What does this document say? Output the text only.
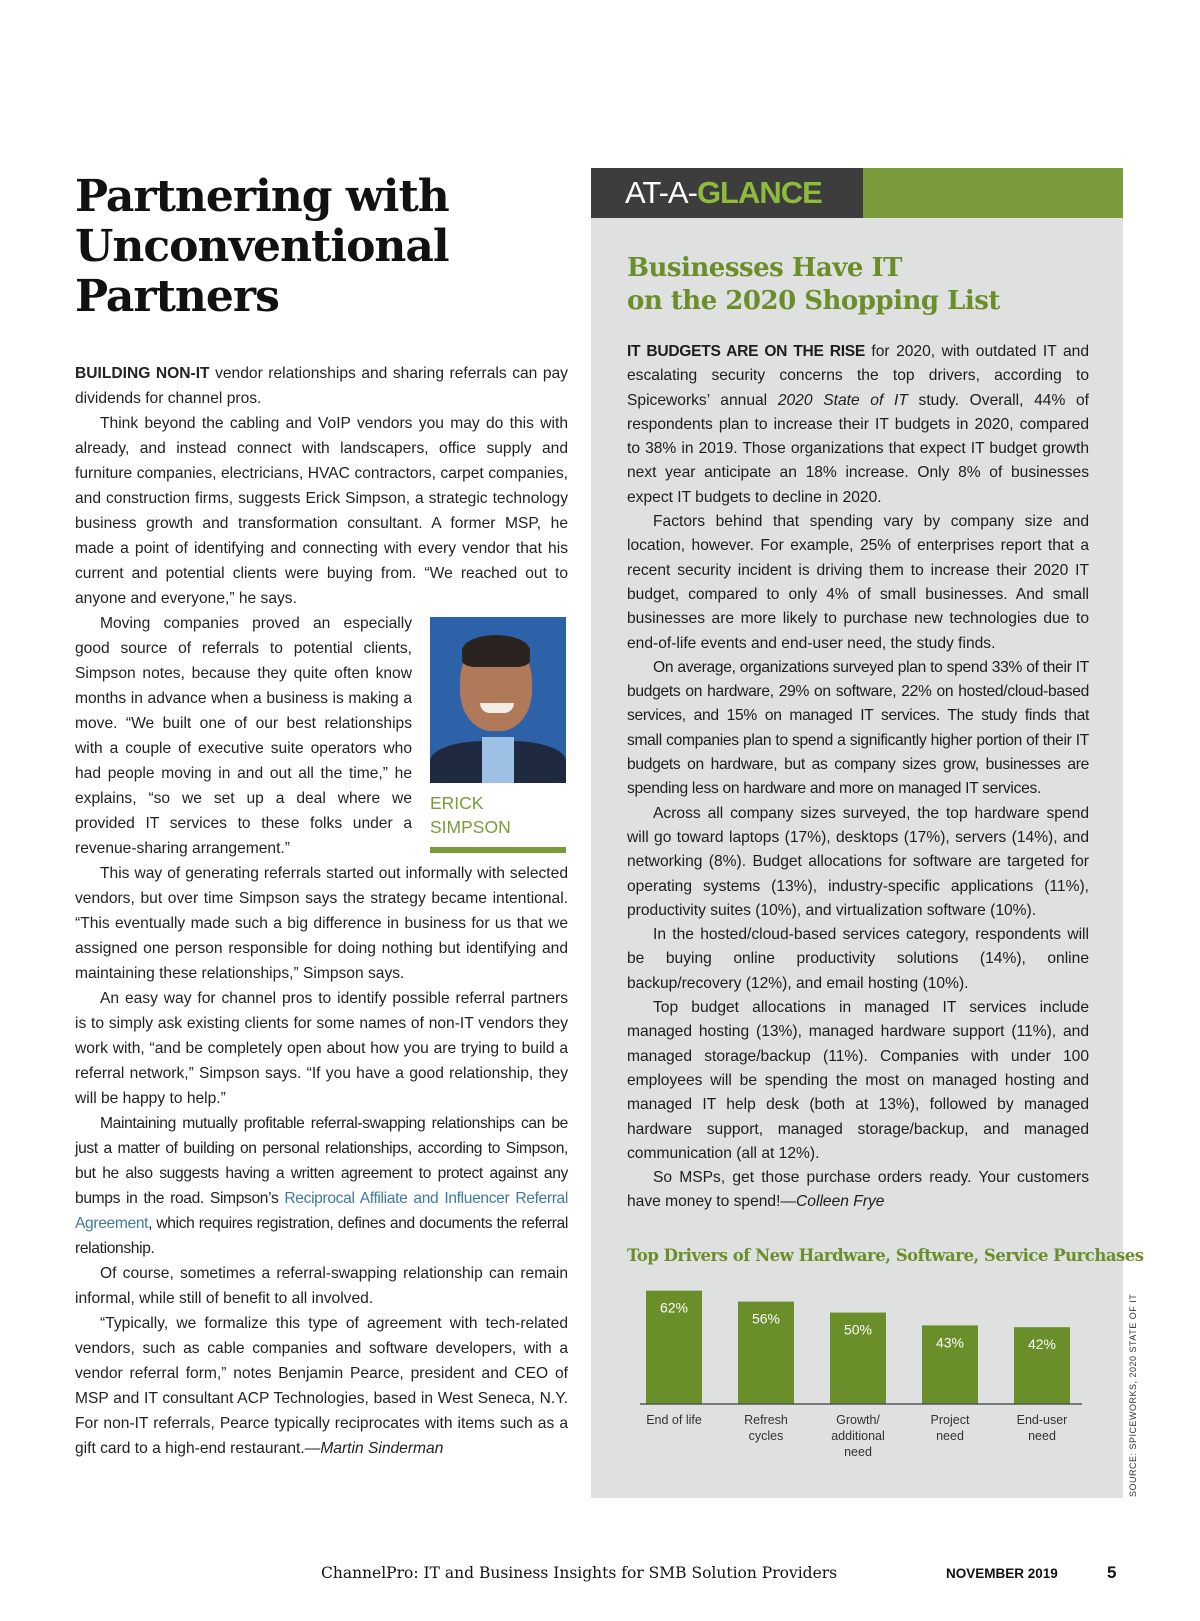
Partnering with
Unconventional
Partners

BUILDING NON-IT vendor relationships and sharing referrals can pay dividends for channel pros.

Think beyond the cabling and VoIP vendors you may do this with already, and instead connect with landscapers, office supply and furniture companies, electricians, HVAC contractors, carpet companies, and construction firms, suggests Erick Simpson, a strategic technology business growth and transformation consultant. A former MSP, he made a point of identifying and connecting with every vendor that his current and potential clients were buying from. “We reached out to anyone and everyone,” he says.

ERICK
SIMPSON

Moving companies proved an especially good source of referrals to potential clients, Simpson notes, because they quite often know months in advance when a business is making a move. “We built one of our best relationships with a couple of executive suite operators who had people moving in and out all the time,” he explains, “so we set up a deal where we provided IT services to these folks under a revenue-sharing arrangement.”

This way of generating referrals started out informally with selected vendors, but over time Simpson says the strategy became intentional. “This eventually made such a big difference in business for us that we assigned one person responsible for doing nothing but identifying and maintaining these relationships,” Simpson says.

An easy way for channel pros to identify possible referral partners is to simply ask existing clients for some names of non-IT vendors they work with, “and be completely open about how you are trying to build a referral network,” Simpson says. “If you have a good relationship, they will be happy to help.”

Maintaining mutually profitable referral-swapping relationships can be just a matter of building on personal relationships, according to Simpson, but he also suggests having a written agreement to protect against any bumps in the road. Simpson’s Reciprocal Affiliate and Influencer Referral Agreement, which requires registration, defines and documents the referral relationship.

Of course, sometimes a referral-swapping relationship can remain informal, while still of benefit to all involved.

“Typically, we formalize this type of agreement with tech-related vendors, such as cable companies and software developers, with a vendor referral form,” notes Benjamin Pearce, president and CEO of MSP and IT consultant ACP Technologies, based in West Seneca, N.Y. For non-IT referrals, Pearce typically reciprocates with items such as a gift card to a high-end restaurant.—Martin Sinderman

AT-A-GLANCE
Businesses Have IT
on the 2020 Shopping List

IT BUDGETS ARE ON THE RISE for 2020, with outdated IT and escalating security concerns the top drivers, according to Spiceworks’ annual 2020 State of IT study. Overall, 44% of respondents plan to increase their IT budgets in 2020, compared to 38% in 2019. Those organizations that expect IT budget growth next year anticipate an 18% increase. Only 8% of businesses expect IT budgets to decline in 2020.

Factors behind that spending vary by company size and location, however. For example, 25% of enterprises report that a recent security incident is driving them to increase their 2020 IT budget, compared to only 4% of small businesses. And small businesses are more likely to purchase new technologies due to end-of-life events and end-user need, the study finds.

On average, organizations surveyed plan to spend 33% of their IT budgets on hardware, 29% on software, 22% on hosted/cloud-based services, and 15% on managed IT services. The study finds that small companies plan to spend a significantly higher portion of their IT budgets on hardware, but as company sizes grow, businesses are spending less on hardware and more on managed IT services.

Across all company sizes surveyed, the top hardware spend will go toward laptops (17%), desktops (17%), servers (14%), and networking (8%). Budget allocations for software are targeted for operating systems (13%), industry-specific applications (11%), productivity suites (10%), and virtualization software (10%).

In the hosted/cloud-based services category, respondents will be buying online productivity solutions (14%), online backup/recovery (12%), and email hosting (10%).

Top budget allocations in managed IT services include managed hosting (13%), managed hardware support (11%), and managed storage/backup (11%). Companies with under 100 employees will be spending the most on managed hosting and managed IT help desk (both at 13%), followed by managed hardware support, managed storage/backup, and managed communication (all at 12%).

So MSPs, get those purchase orders ready. Your customers have money to spend!—Colleen Frye

Top Drivers of New Hardware, Software, Service Purchases
62%
End of life
56%
Refresh
cycles
50%
Growth/
additional
need
43%
Project
need
42%
End-user
need	SOURCE: SPICEWORKS, 2020 STATE OF IT
ChannelPro: IT and Business Insights for SMB Solution Providers	NOVEMBER 2019	5
